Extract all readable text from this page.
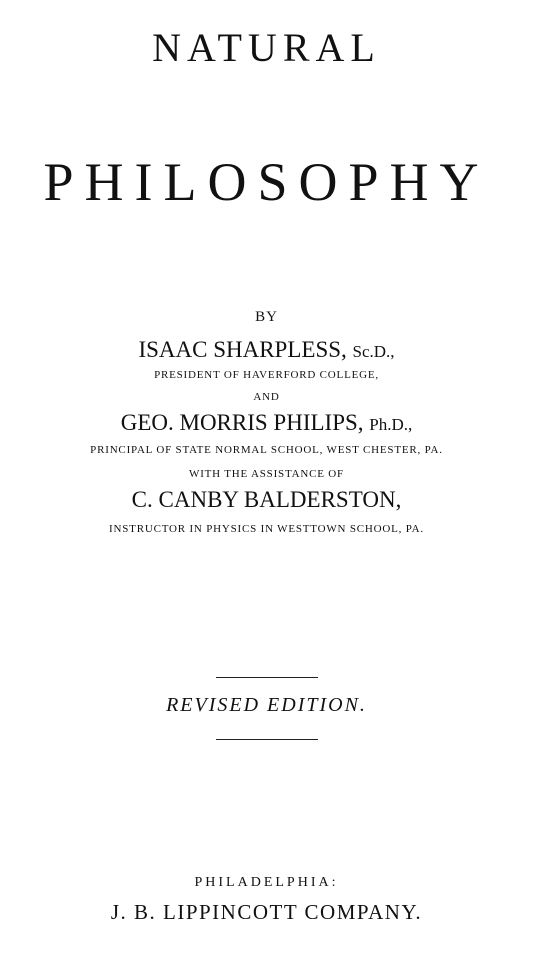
NATURAL
PHILOSOPHY
BY
ISAAC SHARPLESS, Sc.D.,
PRESIDENT OF HAVERFORD COLLEGE,
AND
GEO. MORRIS PHILIPS, Ph.D.,
PRINCIPAL OF STATE NORMAL SCHOOL, WEST CHESTER, PA.
WITH THE ASSISTANCE OF
C. CANBY BALDERSTON,
INSTRUCTOR IN PHYSICS IN WESTTOWN SCHOOL, PA.
REVISED EDITION.
PHILADELPHIA:
J. B. LIPPINCOTT COMPANY.
